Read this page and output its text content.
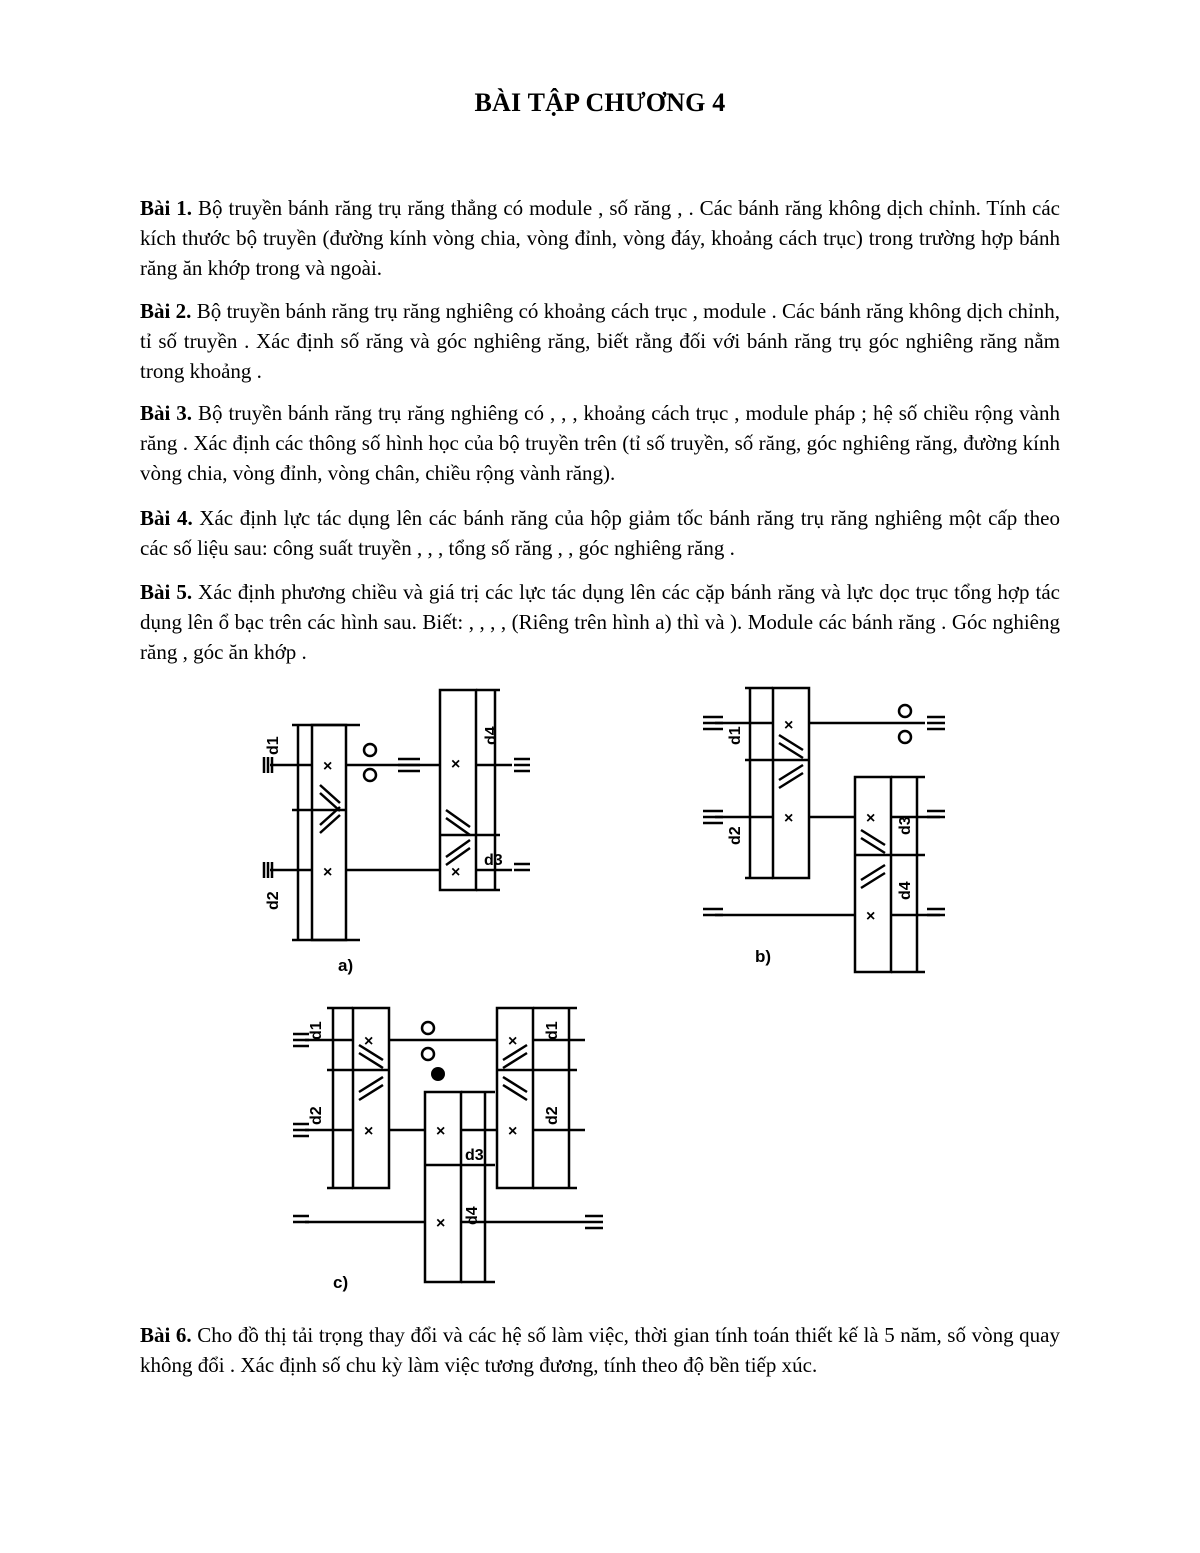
BÀI TẬP CHƯƠNG 4

Bài 1. Bộ truyền bánh răng trụ răng thẳng có module , số răng , . Các bánh răng không dịch chỉnh. Tính các kích thước bộ truyền (đường kính vòng chia, vòng đỉnh, vòng đáy, khoảng cách trục) trong trường hợp bánh răng ăn khớp trong và ngoài.

Bài 2. Bộ truyền bánh răng trụ răng nghiêng có khoảng cách trục , module . Các bánh răng không dịch chỉnh, tỉ số truyền . Xác định số răng và góc nghiêng răng, biết rằng đối với bánh răng trụ góc nghiêng răng nằm trong khoảng .

Bài 3. Bộ truyền bánh răng trụ răng nghiêng có , , , khoảng cách trục , module pháp ; hệ số chiều rộng vành răng . Xác định các thông số hình học của bộ truyền trên (tỉ số truyền, số răng, góc nghiêng răng, đường kính vòng chia, vòng đỉnh, vòng chân, chiều rộng vành răng).

Bài 4. Xác định lực tác dụng lên các bánh răng của hộp giảm tốc bánh răng trụ răng nghiêng một cấp theo các số liệu sau: công suất truyền , , , tổng số răng , , góc nghiêng răng .

Bài 5. Xác định phương chiều và giá trị các lực tác dụng lên các cặp bánh răng và lực dọc trục tổng hợp tác dụng lên ổ bạc trên các hình sau. Biết: , , , , (Riêng trên hình a) thì và ). Module các bánh răng . Góc nghiêng răng , góc ăn khớp .

d1
d2
d3
d4
×
×
×
×
a)
d1
d2
d3
d4
×
×	×
×
b)
d1
d2
d3
d4
d1
d2
×
×	×
×
×
×
c)

Bài 6. Cho đồ thị tải trọng thay đổi và các hệ số làm việc, thời gian tính toán thiết kế là 5 năm, số vòng quay không đổi . Xác định số chu kỳ làm việc tương đương, tính theo độ bền tiếp xúc.
